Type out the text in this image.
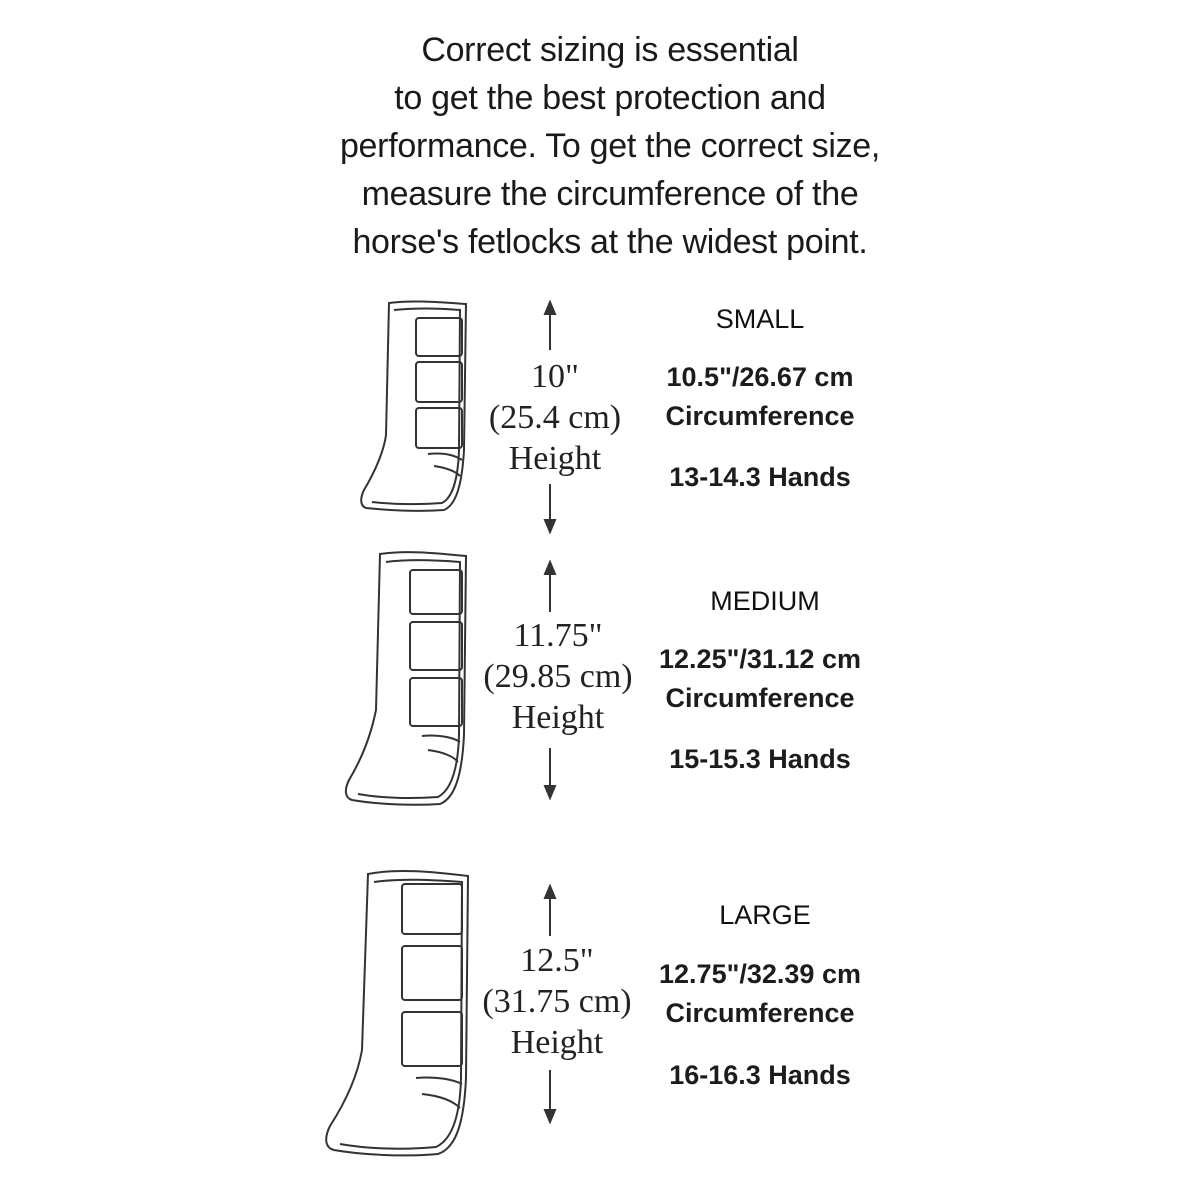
Correct sizing is essential
to get the best protection and
performance. To get the correct size,
measure the circumference of the
horse's fetlocks at the widest point.
10"
(25.4 cm)
Height
SMALL
10.5"/26.67 cm
Circumference
13-14.3 Hands
11.75"
(29.85 cm)
Height
MEDIUM
12.25"/31.12 cm
Circumference
15-15.3 Hands
12.5"
(31.75 cm)
Height
LARGE
12.75"/32.39 cm
Circumference
16-16.3 Hands
